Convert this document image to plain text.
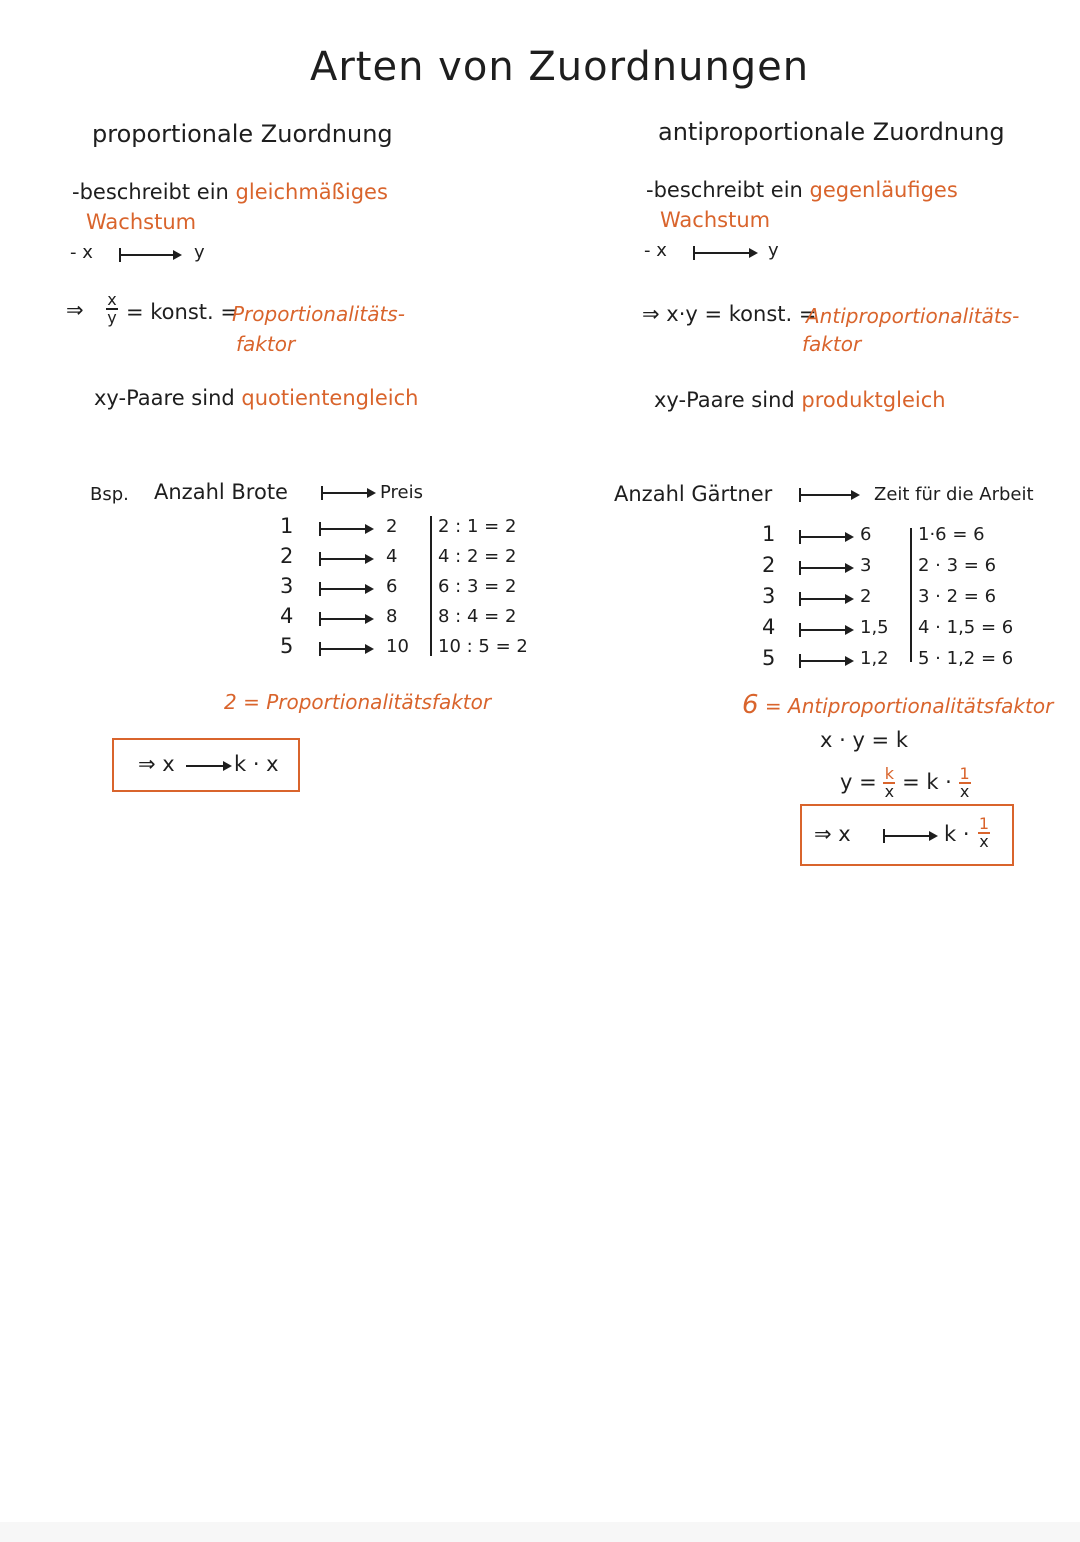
Arten von Zuordnungen
proportionale Zuordnung
-beschreibt ein gleichmäßiges
Wachstum
- x	y
⇒ $\frac{x}{y}$ = konst. =
Proportionalitäts-
faktor
xy-Paare sind quotientengleich
Bsp. Anzahl Brote	Preis
1	2 2 : 1 = 2
2	4 4 : 2 = 2
3	6 6 : 3 = 2
4	8 8 : 4 = 2
5	10 10 : 5 = 2
2 = Proportionalitätsfaktor
⇒ x	k · x
antiproportionale Zuordnung
-beschreibt ein gegenläufiges
Wachstum
- x	y
⇒ x·y = konst. =
Antiproportionalitäts-
faktor
xy-Paare sind produktgleich
Anzahl Gärtner	Zeit für die Arbeit
1	6	1·6 = 6
2	3	2 · 3 = 6
3	2	3 · 2 = 6
4	1,5 4 · 1,5 = 6
5	1,2 5 · 1,2 = 6
6 = Antiproportionalitätsfaktor
x · y = k
$y = \frac{k}{x} = k \cdot \frac{1}{x}$
⇒ x	$k \cdot \frac{1}{x}$
